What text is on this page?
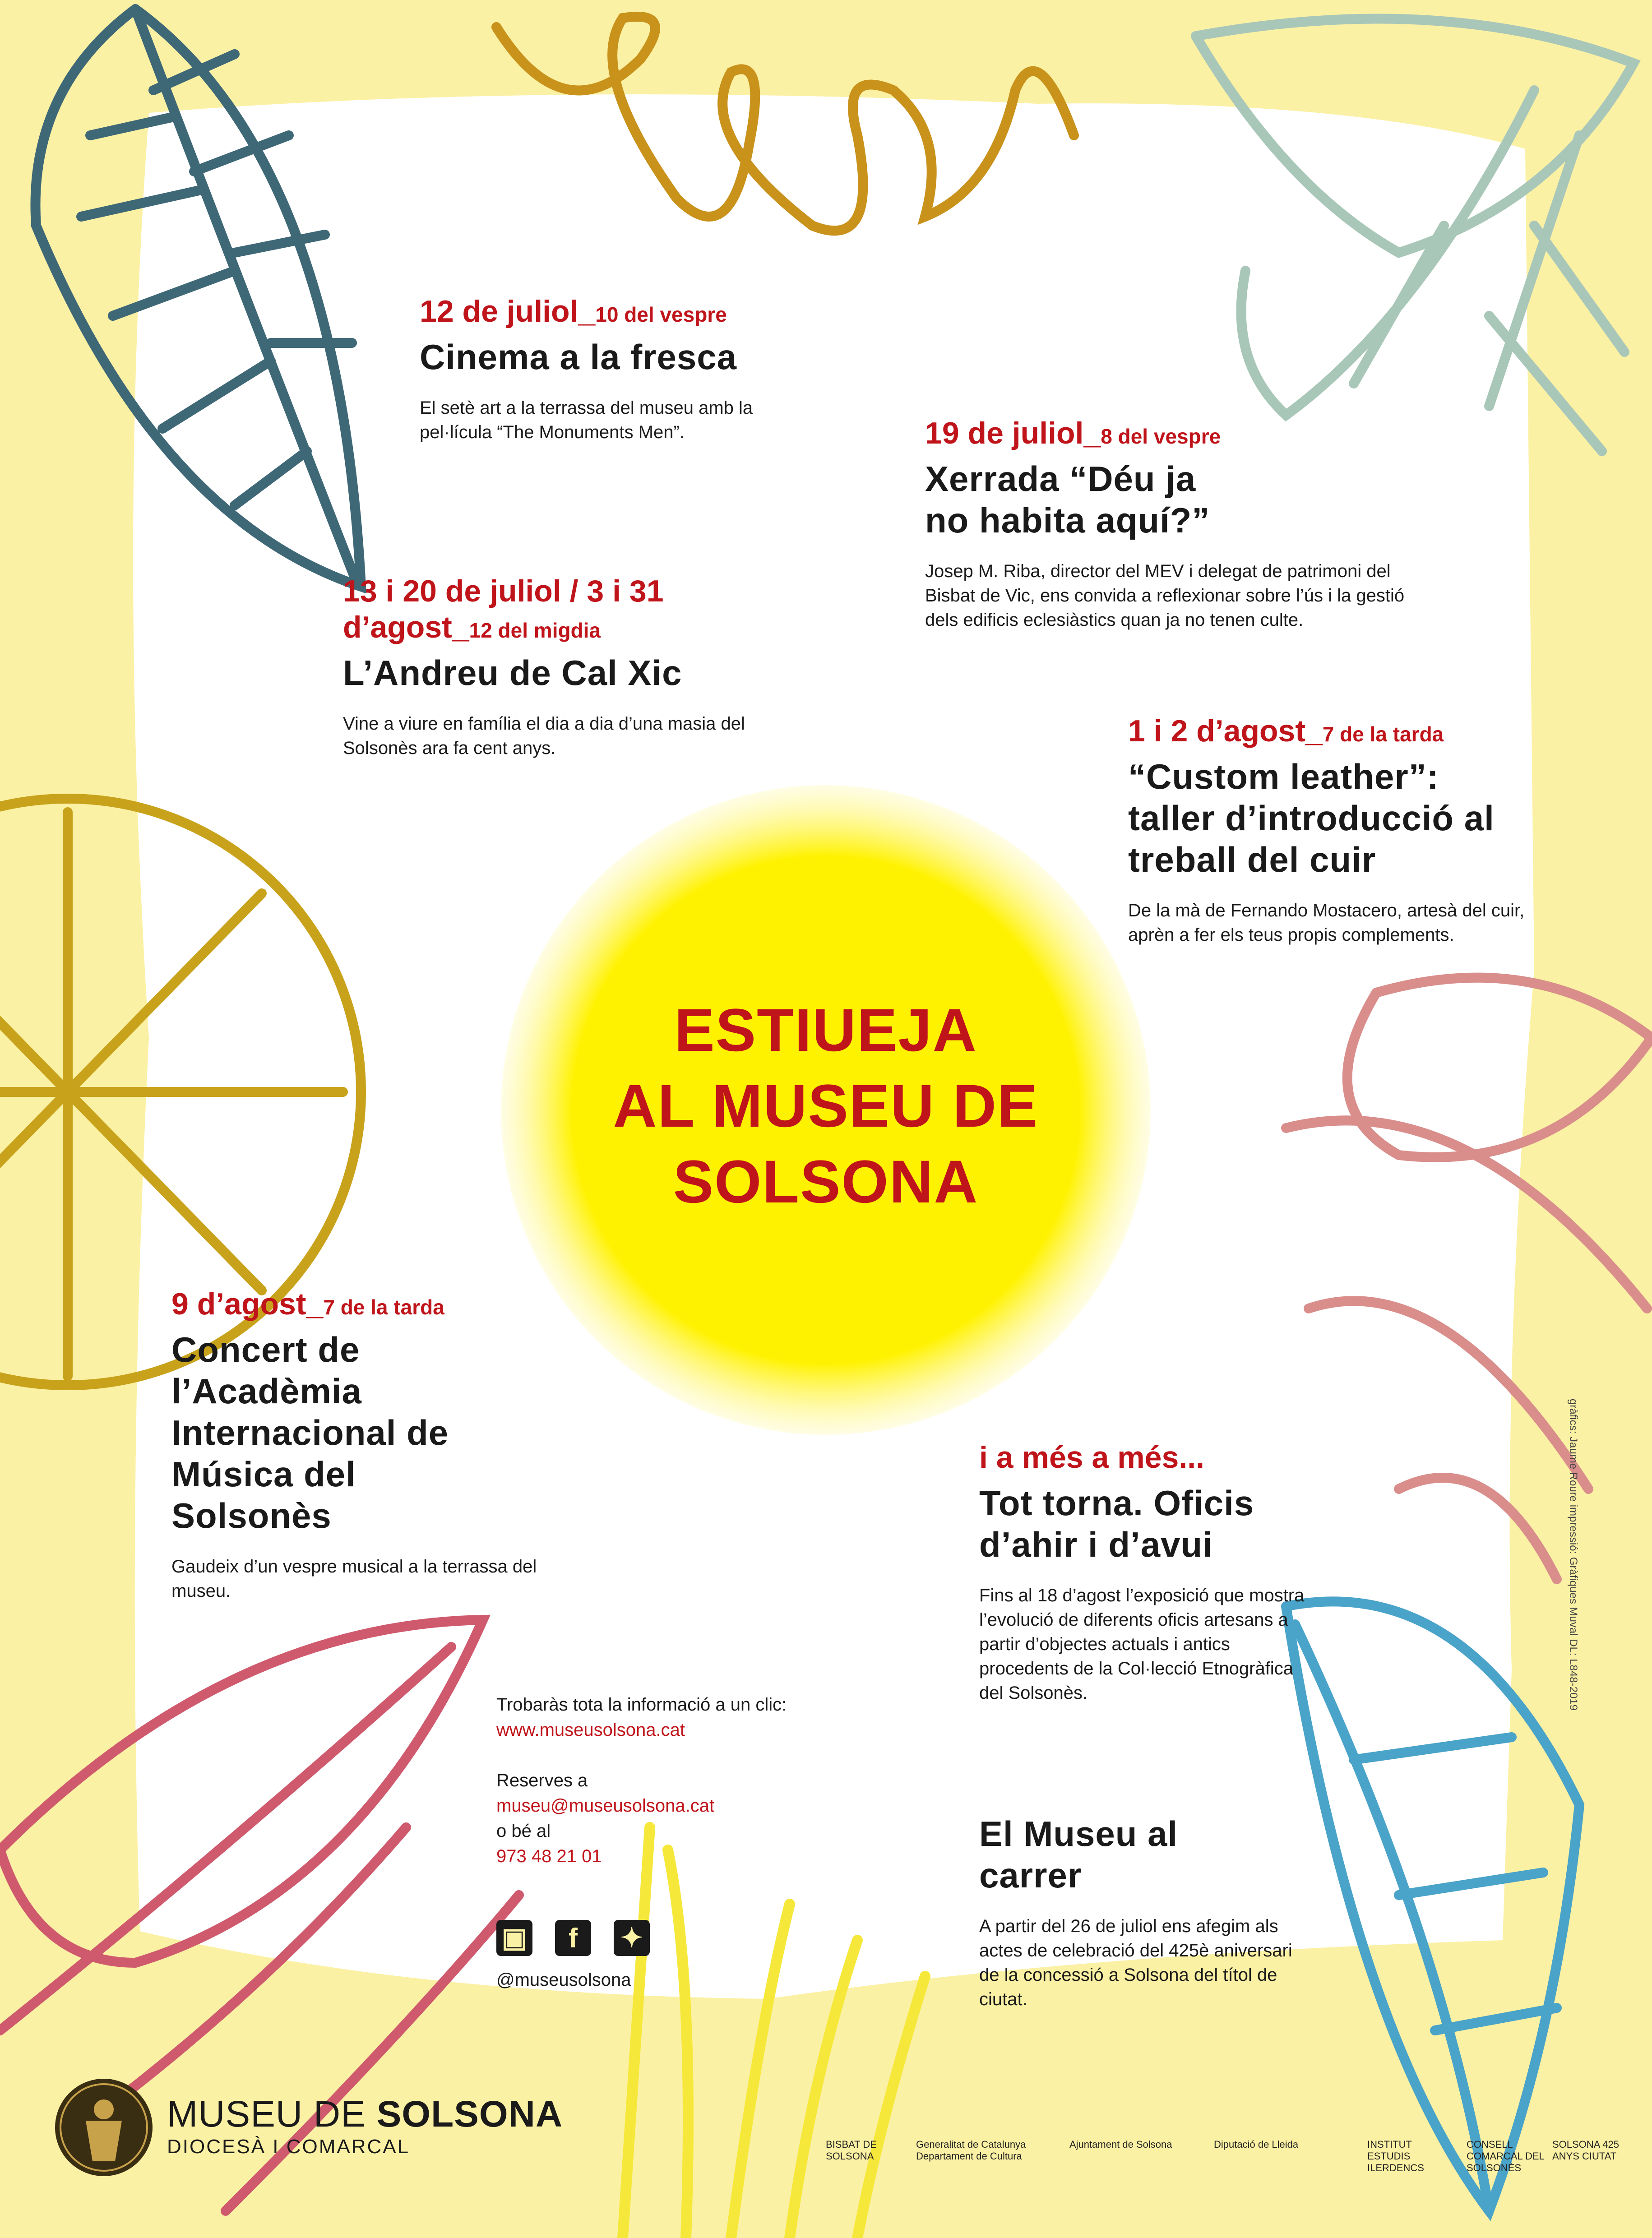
12 de juliol_10 del vespre
Cinema a la fresca
El setè art a la terrassa del museu amb la pel·lícula “The Monuments Men”.	19 de juliol_8 del vespre
Xerrada “Déu ja no habita aquí?”
Josep M. Riba, director del MEV i delegat de patrimoni del Bisbat de Vic, ens convida a reflexionar sobre l’ús i la gestió dels edificis eclesiàstics quan ja no tenen culte.
13 i 20 de juliol / 3 i 31 d’agost_12 del migdia
L’Andreu de Cal Xic
Vine a viure en família el dia a dia d’una masia del Solsonès ara fa cent anys.	1 i 2 d’agost_7 de la tarda
“Custom leather”: taller d’introducció al treball del cuir
De la mà de Fernando Mostacero, artesà del cuir, aprèn a fer els teus propis complements.
ESTIUEJA
AL MUSEU DE
SOLSONA
9 d’agost_7 de la tarda
Concert de l’Acadèmia Internacional de Música del Solsonès
Gaudeix d’un vespre musical a la terrassa del museu.
i a més a més...
Tot torna. Oficis d’ahir i d’avui
Fins al 18 d’agost l’exposició que mostra l’evolució de diferents oficis artesans a partir d’objectes actuals i antics procedents de la Col·lecció Etnogràfica del Solsonès.
El Museu al carrer
A partir del 26 de juliol ens afegim als actes de celebració del 425è aniversari de la concessió a Solsona del títol de ciutat.
Trobaràs tota la informació a un clic:
www.museusolsona.cat
Reserves a
museu@museusolsona.cat
o bé al
973 48 21 01
▣	f	✦
@museusolsona
MUSEU DE SOLSONA
DIOCESÀ I COMARCAL	BISBAT DE SOLSONA
Generalitat de Catalunya Departament de Cultura
Ajuntament de Solsona	Diputació de Lleida	INSTITUT ESTUDIS ILERDENCS
CONSELL COMARCAL DEL SOLSONÈS
SOLSONA 425 ANYS CIUTAT
gràfics: Jaume Roure impressió: Gràfiques Muval DL: L848-2019
